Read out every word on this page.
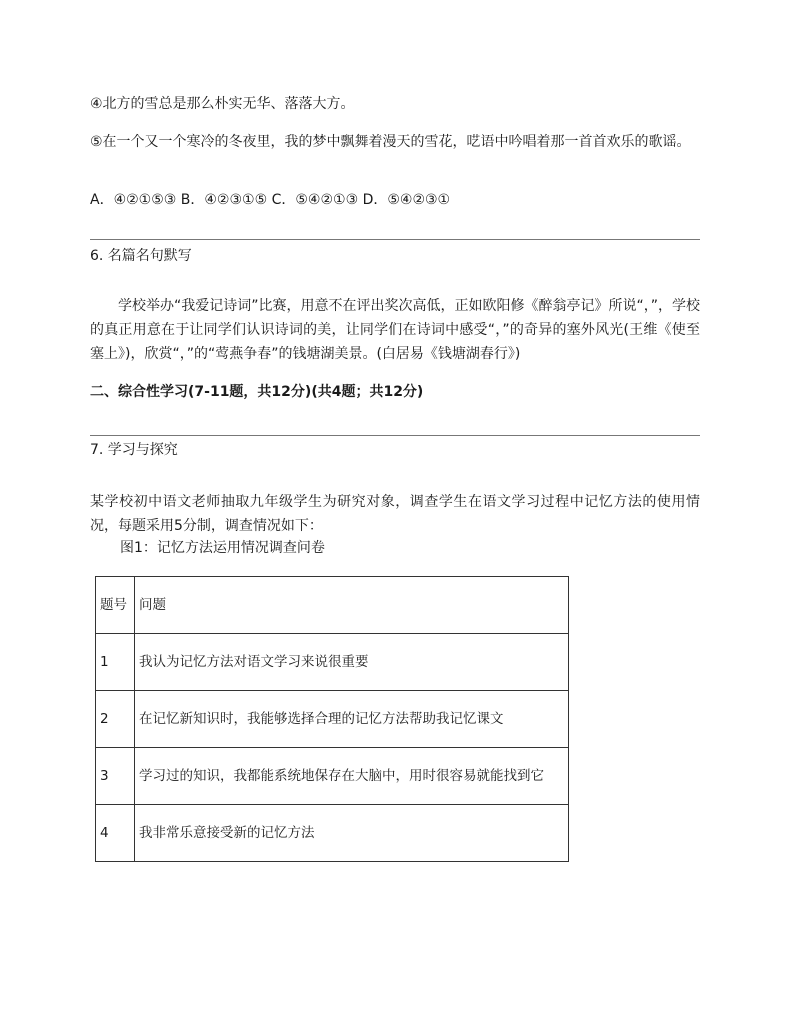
④北方的雪总是那么朴实无华、落落大方。

⑤在一个又一个寒冷的冬夜里，我的梦中飘舞着漫天的雪花，呓语中吟唱着那一首首欢乐的歌谣。

A．④②①⑤③ B．④②③①⑤ C．⑤④②①③ D．⑤④②③①

6. 名篇名句默写

学校举办“我爱记诗词”比赛，用意不在评出奖次高低，正如欧阳修《醉翁亭记》所说“，”，学校的真正用意在于让同学们认识诗词的美，让同学们在诗词中感受“，”的奇异的塞外风光(王维《使至塞上》)，欣赏“，”的“莺燕争春”的钱塘湖美景。(白居易《钱塘湖春行》)

二、综合性学习(7-11题，共12分)(共4题；共12分)

7. 学习与探究

某学校初中语文老师抽取九年级学生为研究对象，调查学生在语文学习过程中记忆方法的使用情况，每题采用5分制，调查情况如下：

图1：记忆方法运用情况调查问卷

题号	问题
1	我认为记忆方法对语文学习来说很重要
2	在记忆新知识时，我能够选择合理的记忆方法帮助我记忆课文
3	学习过的知识，我都能系统地保存在大脑中，用时很容易就能找到它
4	我非常乐意接受新的记忆方法
